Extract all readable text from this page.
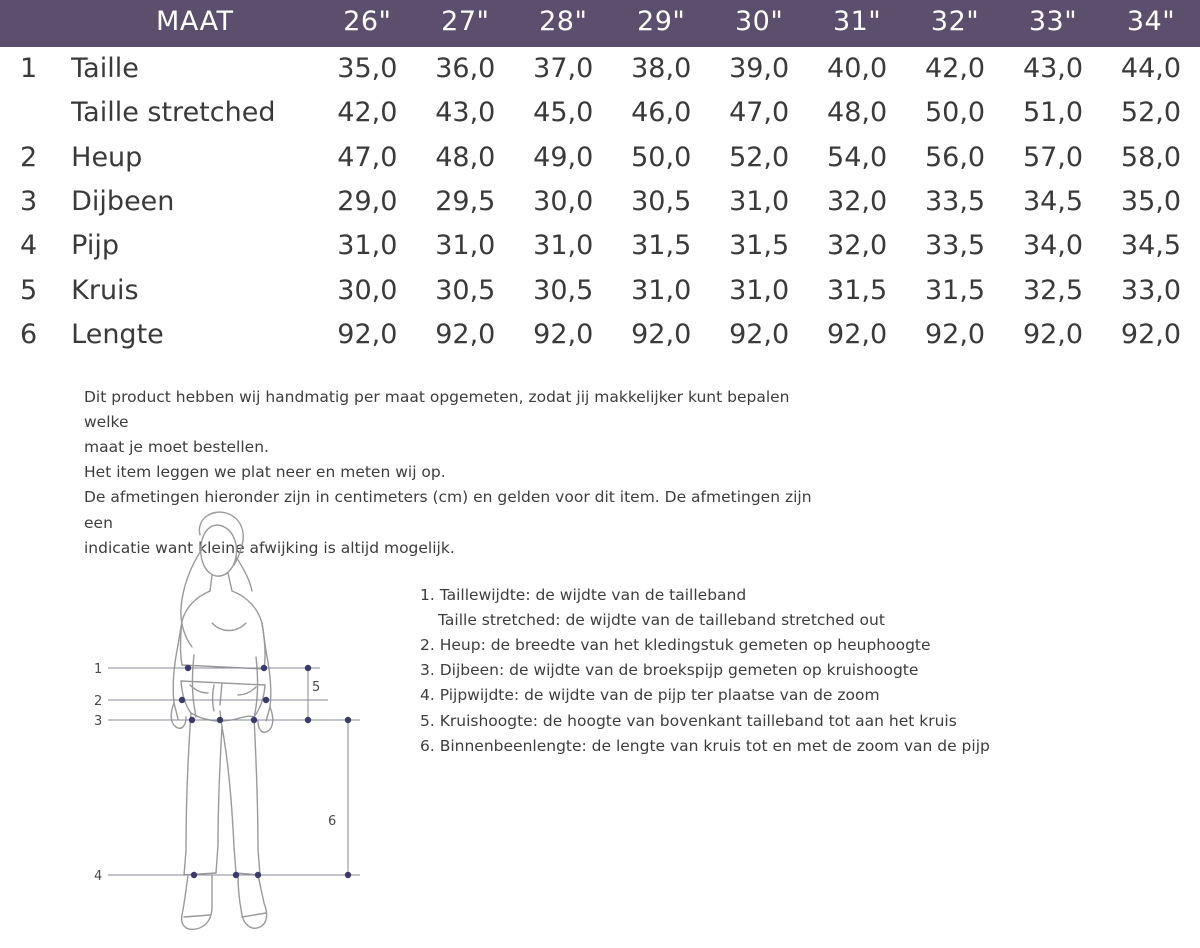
	MAAT	26"	27"	28"	29"	30"	31"	32"	33"	34"
1	Taille	35,0	36,0	37,0	38,0	39,0	40,0	42,0	43,0	44,0
	Taille stretched	42,0	43,0	45,0	46,0	47,0	48,0	50,0	51,0	52,0
2	Heup	47,0	48,0	49,0	50,0	52,0	54,0	56,0	57,0	58,0
3	Dijbeen	29,0	29,5	30,0	30,5	31,0	32,0	33,5	34,5	35,0
4	Pijp	31,0	31,0	31,0	31,5	31,5	32,0	33,5	34,0	34,5
5	Kruis	30,0	30,5	30,5	31,0	31,0	31,5	31,5	32,5	33,0
6	Lengte	92,0	92,0	92,0	92,0	92,0	92,0	92,0	92,0	92,0

Dit product hebben wij handmatig per maat opgemeten, zodat jij makkelijker kunt bepalen welke

maat je moet bestellen.

Het item leggen we plat neer en meten wij op.

De afmetingen hieronder zijn in centimeters (cm) en gelden voor dit item. De afmetingen zijn een

indicatie want kleine afwijking is altijd mogelijk.

1
2
3
4
5
6
1. Taillewijdte: de wijdte van de tailleband
Taille stretched: de wijdte van de tailleband stretched out
2. Heup: de breedte van het kledingstuk gemeten op heuphoogte
3. Dijbeen: de wijdte van de broekspijp gemeten op kruishoogte
4. Pijpwijdte: de wijdte van de pijp ter plaatse van de zoom
5. Kruishoogte: de hoogte van bovenkant tailleband tot aan het kruis
6. Binnenbeenlengte: de lengte van kruis tot en met de zoom van de pijp
